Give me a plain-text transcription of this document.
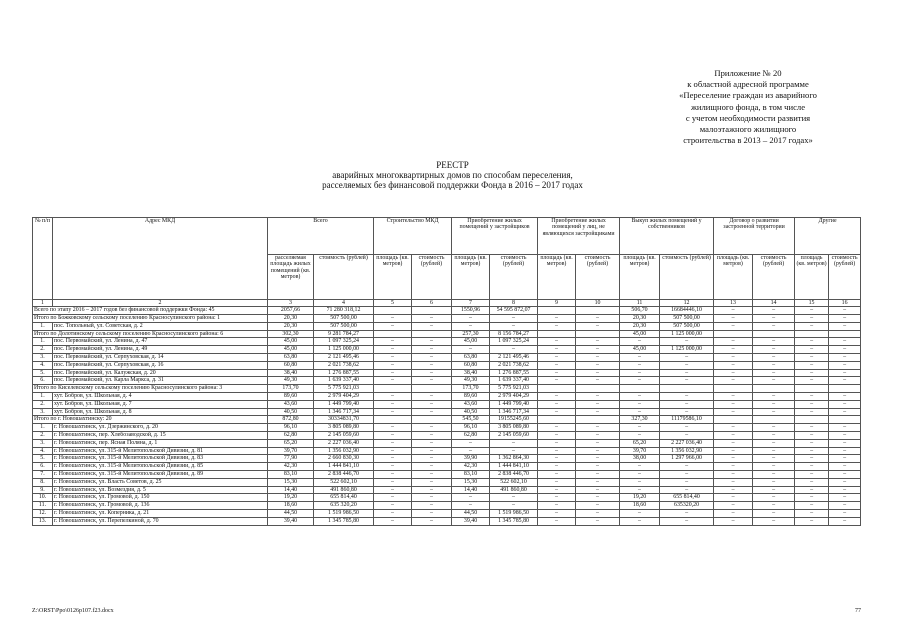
Приложение № 20
к областной адресной программе
«Переселение граждан из аварийного
жилищного фонда, в том числе
с учетом необходимости развития
малоэтажного жилищного
строительства в 2013 – 2017 годах»
РЕЕСТР
аварийных многоквартирных домов по способам переселения,
расселяемых без финансовой поддержки Фонда в 2016 – 2017 годах
№ п/п	Адрес МКД	Всего		Строительство МКД		Приобретение жилых помещений у застройщиков		Приобретение жилых помещений у лиц, не являющихся застройщиками		Выкуп жилых помещений у собственников		Договор о развитии застроенной территории		Другие	
		расселяемая площадь жилых помещений (кв. метров)	стоимость (рублей)	площадь (кв. метров)	стоимость (рублей)	площадь (кв. метров)	стоимость (рублей)	площадь (кв. метров)	стоимость (рублей)	площадь (кв. метров)	стоимость (рублей)	площадь (кв. метров)	стоимость (рублей)	площадь (кв. метров)	стоимость (рублей)
1	2	3	4	5	6	7	8	9	10	11	12	13	14	15	16
Всего по этапу 2016 – 2017 годов без финансовой поддержки Фонда: 45		2057,66	71 280 318,12			1550,96	54 595 872,07			506,70	16684446,10	–	–	–	–
Итого по Божковскому сельскому поселению Красносулинского района: 1		20,30	507 500,00	–	–	–	–	–	–	20,30	507 500,00	–	–	–	–
1.	пос. Топольный, ул. Советская, д. 2	20,30	507 500,00	–	–	–	–	–	–	20,30	507 500,00	–	–	–	–
Итого по Долотинскому сельскому поселению Красносулинского района: 6		302,30	9 281 784,27			257,30	8 156 784,27			45,00	1 125 000,00				
1.	пос. Первомайский, ул. Ленина, д. 47	45,00	1 097 325,24	–	–	45,00	1 097 325,24	–	–	–	–	–	–	–	–
2.	пос. Первомайский, ул. Ленина, д. 49	45,00	1 125 000,00	–	–	–	–	–	–	45,00	1 125 000,00	–	–	–	–
3.	пос. Первомайский, ул. Серпуховская, д. 14	63,80	2 121 495,46	–	–	63,80	2 121 495,46	–	–	–	–	–	–	–	–
4.	пос. Первомайский, ул. Серпуховская, д. 16	60,80	2 021 738,62	–	–	60,80	2 021 738,62	–	–	–	–	–	–	–	–
5.	пос. Первомайский, ул. Калужская, д. 20	38,40	1 276 887,55	–	–	38,40	1 276 887,55	–	–	–	–	–	–	–	–
6.	пос. Первомайский, ул. Карла Маркса, д. 31	49,30	1 639 337,40	–	–	49,30	1 639 337,40	–	–	–	–	–	–	–	–
Итого по Киселевскому сельскому поселению Красносулинского района: 3		173,70	5 775 921,03			173,70	5 775 921,03								
1.	хут. Бобров, ул. Школьная, д. 4	89,60	2 979 404,29	–	–	89,60	2 979 404,29	–	–	–	–	–	–	–	–
2.	хут. Бобров, ул. Школьная, д. 7	43,60	1 449 799,40	–	–	43,60	1 449 799,40	–	–	–	–	–	–	–	–
3.	хут. Бобров, ул. Школьная, д. 8	40,50	1 346 717,34	–	–	40,50	1 346 717,34	–	–	–	–	–	–	–	–
Итого по г. Новошахтинску: 20		872,80	30334831,70			545,50	19155245,60			327,30	11179586,10				
1.	г. Новошахтинск, ул. Дзержинского, д. 20	96,10	3 805 089,80	–	–	96,10	3 805 089,80	–	–	–	–	–	–	–	–
2.	г. Новошахтинск, пер. Хлебозаводской, д. 15	62,80	2 145 059,60	–	–	62,80	2 145 059,60	–	–	–	–	–	–	–	–
3.	г. Новошахтинск, пер. Ясная Поляна, д. 1	65,20	2 227 036,40	–	–	–	–	–	–	65,20	2 227 036,40	–	–	–	–
4.	г. Новошахтинск, ул. 315-й Мелитопольской Дивизии, д. 81	39,70	1 356 032,90	–	–	–	–	–	–	39,70	1 356 032,90	–	–	–	–
5.	г. Новошахтинск, ул. 315-й Мелитопольской Дивизии, д. 83	77,90	2 660 830,30	–	–	39,90	1 362 864,30	–	–	38,00	1 297 966,00	–	–	–	–
6.	г. Новошахтинск, ул. 315-й Мелитопольской Дивизии, д. 85	42,30	1 444 841,10	–	–	42,30	1 444 841,10	–	–	–	–	–	–	–	–
7.	г. Новошахтинск, ул. 315-й Мелитопольской Дивизии, д. 89	83,10	2 838 446,70	–	–	83,10	2 838 446,70	–	–	–	–	–	–	–	–
8.	г. Новошахтинск, ул. Власть Советов, д. 25	15,30	522 602,10	–	–	15,30	522 602,10	–	–	–	–	–	–	–	–
9.	г. Новошахтинск, ул. Возмездия, д. 5	14,40	491 860,80	–	–	14,40	491 860,80	–	–	–	–	–	–	–	–
10.	г. Новошахтинск, ул. Громовой, д. 150	19,20	655 814,40	–	–	–	–	–	–	19,20	655 814,40	–	–	–	–
11.	г. Новошахтинск, ул. Громовой, д. 136	18,60	635 320,20	–	–	–	–	–	–	18,60	635320,20	–	–	–	–
12.	г. Новошахтинск, ул. Коперника, д. 21	44,50	1 519 986,50	–	–	44,50	1 519 986,50	–	–	–	–	–	–	–	–
13.	г. Новошахтинск, ул. Перепелкиной, д. 70	39,40	1 345 785,80	–	–	39,40	1 345 785,80	–	–	–	–	–	–	–	–
Z:\ORST\Ppo\0126p107.f23.docx	77
